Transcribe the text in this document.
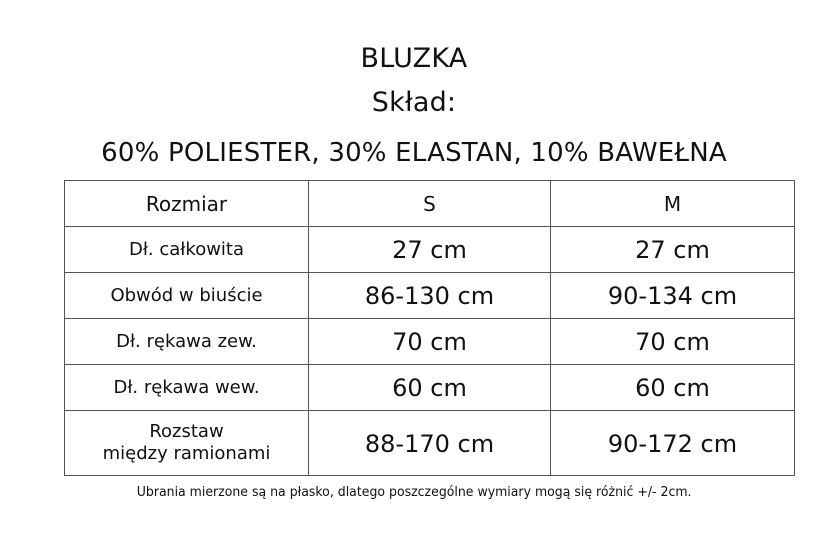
BLUZKA
Skład:
60% POLIESTER, 30% ELASTAN, 10% BAWEŁNA
Rozmiar	S	M
Dł. całkowita	27 cm	27 cm
Obwód w biuście	86-130 cm	90-134 cm
Dł. rękawa zew.	70 cm	70 cm
Dł. rękawa wew.	60 cm	60 cm
Rozstaw
między ramionami	88-170 cm	90-172 cm
Ubrania mierzone są na płasko, dlatego poszczególne wymiary mogą się różnić +/- 2cm.
